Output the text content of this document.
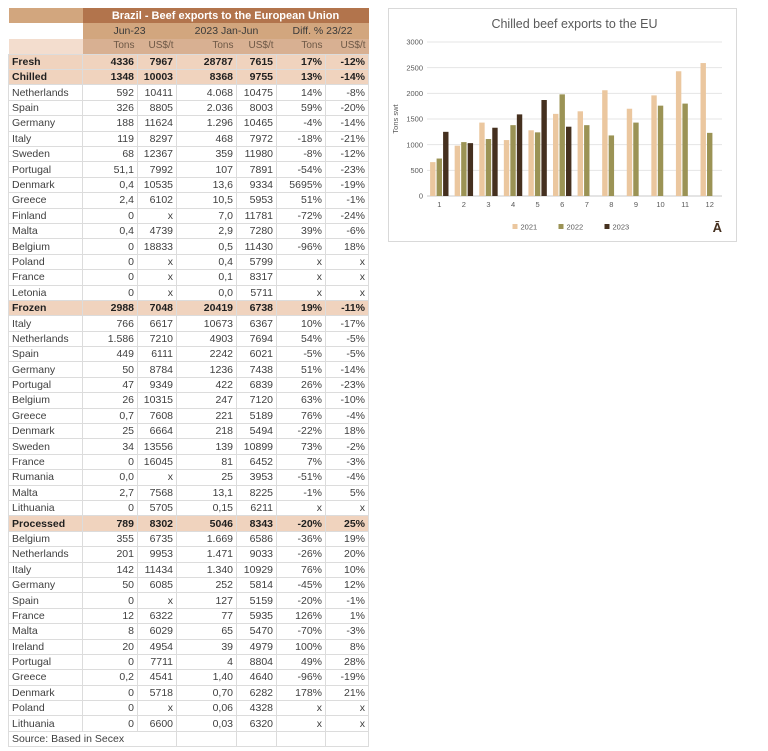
	Brazil - Beef exports to the European Union					
	Jun-23		2023 Jan-Jun		Diff. % 23/22	
	Tons	US$/t	Tons	US$/t	Tons	US$/t
Fresh	4336	7967	28787	7615	17%	-12%
Chilled	1348	10003	8368	9755	13%	-14%
Netherlands	592	10411	4.068	10475	14%	-8%
Spain	326	8805	2.036	8003	59%	-20%
Germany	188	11624	1.296	10465	-4%	-14%
Italy	119	8297	468	7972	-18%	-21%
Sweden	68	12367	359	11980	-8%	-12%
Portugal	51,1	7992	107	7891	-54%	-23%
Denmark	0,4	10535	13,6	9334	5695%	-19%
Greece	2,4	6102	10,5	5953	51%	-1%
Finland	0	x	7,0	11781	-72%	-24%
Malta	0,4	4739	2,9	7280	39%	-6%
Belgium	0	18833	0,5	11430	-96%	18%
Poland	0	x	0,4	5799	x	x
France	0	x	0,1	8317	x	x
Letonia	0	x	0,0	5711	x	x
Frozen	2988	7048	20419	6738	19%	-11%
Italy	766	6617	10673	6367	10%	-17%
Netherlands	1.586	7210	4903	7694	54%	-5%
Spain	449	6111	2242	6021	-5%	-5%
Germany	50	8784	1236	7438	51%	-14%
Portugal	47	9349	422	6839	26%	-23%
Belgium	26	10315	247	7120	63%	-10%
Greece	0,7	7608	221	5189	76%	-4%
Denmark	25	6664	218	5494	-22%	18%
Sweden	34	13556	139	10899	73%	-2%
France	0	16045	81	6452	7%	-3%
Rumania	0,0	x	25	3953	-51%	-4%
Malta	2,7	7568	13,1	8225	-1%	5%
Lithuania	0	5705	0,15	6211	x	x
Processed	789	8302	5046	8343	-20%	25%
Belgium	355	6735	1.669	6586	-36%	19%
Netherlands	201	9953	1.471	9033	-26%	20%
Italy	142	11434	1.340	10929	76%	10%
Germany	50	6085	252	5814	-45%	12%
Spain	0	x	127	5159	-20%	-1%
France	12	6322	77	5935	126%	1%
Malta	8	6029	65	5470	-70%	-3%
Ireland	20	4954	39	4979	100%	8%
Portugal	0	7711	4	8804	49%	28%
Greece	0,2	4541	1,40	4640	-96%	-19%
Denmark	0	5718	0,70	6282	178%	21%
Poland	0	x	0,06	4328	x	x
Lithuania	0	6600	0,03	6320	x	x
Source: Based in Secex						
0
500
1000
1500
2000
2500
3000
Chilled beef exports to the EU
Tons swt
1	2	3	4	5	6	7	8	9 10 11 12
2021	2022	2023	Ā
